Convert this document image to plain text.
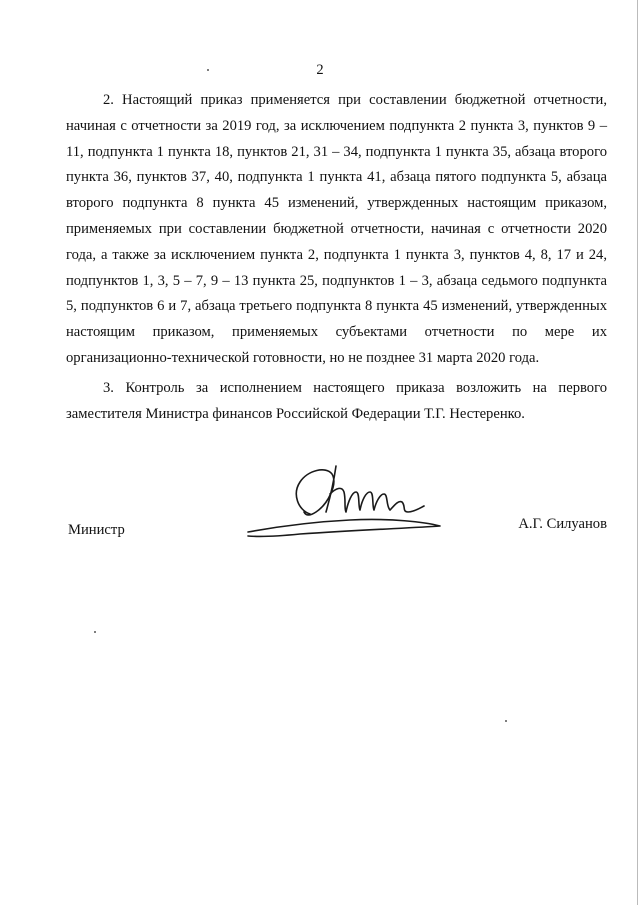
2

2. Настоящий приказ применяется при составлении бюджетной отчетности, начиная с отчетности за 2019 год, за исключением подпункта 2 пункта 3, пунктов 9 – 11, подпункта 1 пункта 18, пунктов 21, 31 – 34, подпункта 1 пункта 35, абзаца второго пункта 36, пунктов 37, 40, подпункта 1 пункта 41, абзаца пятого подпункта 5, абзаца второго подпункта 8 пункта 45 изменений, утвержденных настоящим приказом, применяемых при составлении бюджетной отчетности, начиная с отчетности 2020 года, а также за исключением пункта 2, подпункта 1 пункта 3, пунктов 4, 8, 17 и 24, подпунктов 1, 3, 5 – 7, 9 – 13 пункта 25, подпунктов 1 – 3, абзаца седьмого подпункта 5, подпунктов 6 и 7, абзаца третьего подпункта 8 пункта 45 изменений, утвержденных настоящим приказом, применяемых субъектами отчетности по мере их организационно-технической готовности, но не позднее 31 марта 2020 года.

3. Контроль за исполнением настоящего приказа возложить на первого заместителя Министра финансов Российской Федерации Т.Г. Нестеренко.

Министр	А.Г. Силуанов
